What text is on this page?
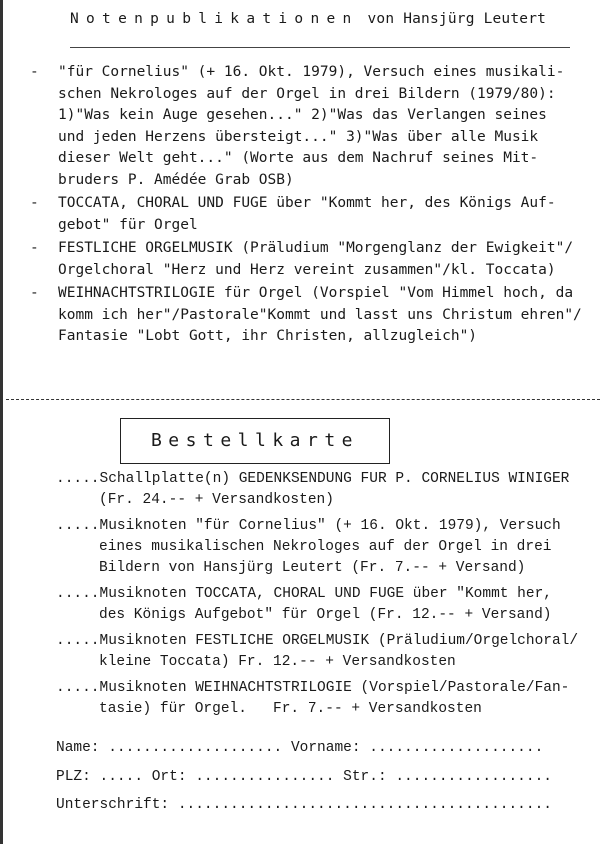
Notenpublikationen von Hansjürg Leutert
-	"für Cornelius" (+ 16. Okt. 1979), Versuch eines musikali-
schen Nekrologes auf der Orgel in drei Bildern (1979/80):
1)"Was kein Auge gesehen..." 2)"Was das Verlangen seines
und jeden Herzens übersteigt..." 3)"Was über alle Musik
dieser Welt geht..." (Worte aus dem Nachruf seines Mit-
bruders P. Amédée Grab OSB)
-	TOCCATA, CHORAL UND FUGE über "Kommt her, des Königs Auf-
gebot" für Orgel
-	FESTLICHE ORGELMUSIK (Präludium "Morgenglanz der Ewigkeit"/
Orgelchoral "Herz und Herz vereint zusammen"/kl. Toccata)
-	WEIHNACHTSTRILOGIE für Orgel (Vorspiel "Vom Himmel hoch, da
komm ich her"/Pastorale"Kommt und lasst uns Christum ehren"/
Fantasie "Lobt Gott, ihr Christen, allzugleich")
Bestellkarte
.....Schallplatte(n) GEDENKSENDUNG FUR P. CORNELIUS WINIGER
(Fr. 24.-- + Versandkosten)
.....Musiknoten "für Cornelius" (+ 16. Okt. 1979), Versuch
eines musikalischen Nekrologes auf der Orgel in drei
Bildern von Hansjürg Leutert (Fr. 7.-- + Versand)
.....Musiknoten TOCCATA, CHORAL UND FUGE über "Kommt her,
des Königs Aufgebot" für Orgel (Fr. 12.-- + Versand)
.....Musiknoten FESTLICHE ORGELMUSIK (Präludium/Orgelchoral/
kleine Toccata) Fr. 12.-- + Versandkosten
.....Musiknoten WEIHNACHTSTRILOGIE (Vorspiel/Pastorale/Fan-
tasie) für Orgel.   Fr. 7.-- + Versandkosten
Name: .................... Vorname: ....................
PLZ: ..... Ort: ................ Str.: ..................
Unterschrift: ...........................................
